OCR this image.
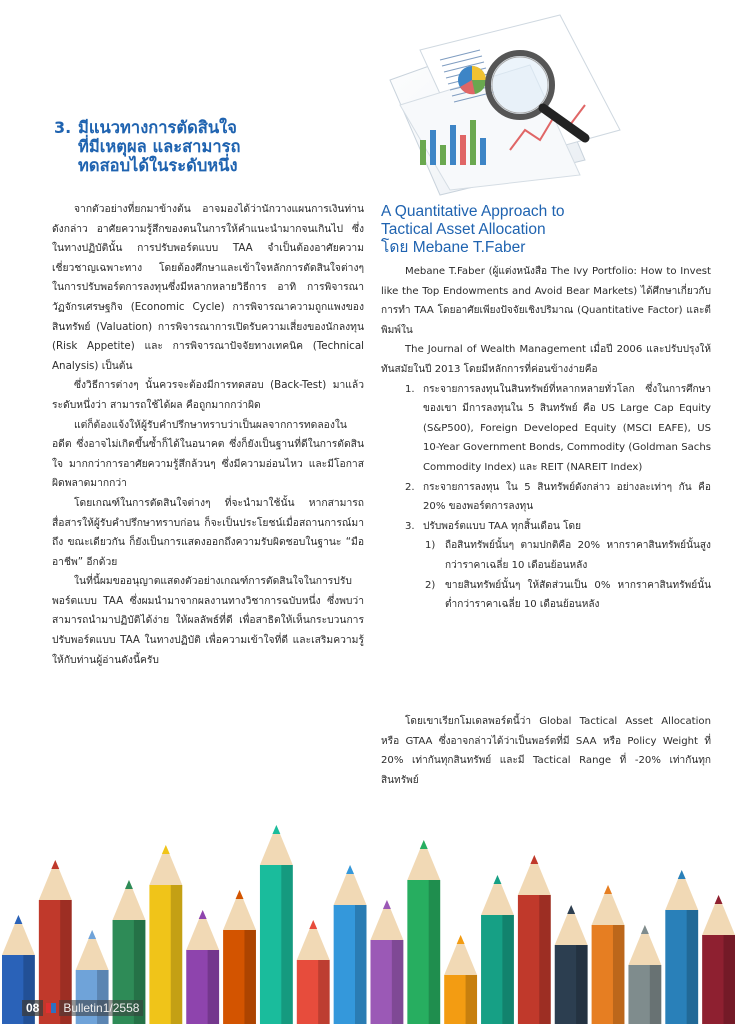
3. มีแนวทางการตัดสินใจ
ที่มีเหตุผล และสามารถ
ทดสอบได้ในระดับหนึ่ง

จากตัวอย่างที่ยกมาข้างต้น อาจมองได้ว่านักวางแผนการเงินท่านดังกล่าว อาศัยความรู้สึกของตนในการให้คำแนะนำมากจนเกินไป ซึ่งในทางปฏิบัตินั้น การปรับพอร์ตแบบ TAA จำเป็นต้องอาศัยความเชี่ยวชาญเฉพาะทาง โดยต้องศึกษาและเข้าใจหลักการตัดสินใจต่างๆ ในการปรับพอร์ตการลงทุนซึ่งมีหลากหลายวิธีการ อาทิ การพิจารณาวัฏจักรเศรษฐกิจ (Economic Cycle) การพิจารณาความถูกแพงของสินทรัพย์ (Valuation) การพิจารณาการเปิดรับความเสี่ยงของนักลงทุน (Risk Appetite) และ การพิจารณาปัจจัยทางเทคนิค (Technical Analysis) เป็นต้น

ซึ่งวิธีการต่างๆ นั้นควรจะต้องมีการทดสอบ (Back-Test) มาแล้วระดับหนึ่งว่า สามารถใช้ได้ผล คือถูกมากกว่าผิด

แต่ก็ต้องแจ้งให้ผู้รับคำปรึกษาทราบว่าเป็นผลจากการทดลองในอดีต ซึ่งอาจไม่เกิดขึ้นซ้ำก็ได้ในอนาคต ซึ่งก็ยังเป็นฐานที่ดีในการตัดสินใจ มากกว่าการอาศัยความรู้สึกล้วนๆ ซึ่งมีความอ่อนไหว และมีโอกาสผิดพลาดมากกว่า

โดยเกณฑ์ในการตัดสินใจต่างๆ ที่จะนำมาใช้นั้น หากสามารถสื่อสารให้ผู้รับคำปรึกษาทราบก่อน ก็จะเป็นประโยชน์เมื่อสถานการณ์มาถึง ขณะเดียวกัน ก็ยังเป็นการแสดงออกถึงความรับผิดชอบในฐานะ “มืออาชีพ” อีกด้วย

ในที่นี้ผมขออนุญาตแสดงตัวอย่างเกณฑ์การตัดสินใจในการปรับพอร์ตแบบ TAA ซึ่งผมนำมาจากผลงานทางวิชาการฉบับหนึ่ง ซึ่งพบว่าสามารถนำมาปฏิบัติได้ง่าย ให้ผลลัพธ์ที่ดี เพื่อสาธิตให้เห็นกระบวนการปรับพอร์ตแบบ TAA ในทางปฏิบัติ เพื่อความเข้าใจที่ดี และเสริมความรู้ให้กับท่านผู้อ่านดังนี้ครับ

A Quantitative Approach to
Tactical Asset Allocation
โดย Mebane T.Faber

Mebane T.Faber (ผู้แต่งหนังสือ The Ivy Portfolio: How to Invest like the Top Endowments and Avoid Bear Markets) ได้ศึกษาเกี่ยวกับการทำ TAA โดยอาศัยเพียงปัจจัยเชิงปริมาณ (Quantitative Factor) และตีพิมพ์ใน

The Journal of Wealth Management เมื่อปี 2006 และปรับปรุงให้ทันสมัยในปี 2013 โดยมีหลักการที่ค่อนข้างง่ายคือ

1. กระจายการลงทุนในสินทรัพย์ที่หลากหลายทั่วโลก ซึ่งในการศึกษาของเขา มีการลงทุนใน 5 สินทรัพย์ คือ US Large Cap Equity (S&P500), Foreign Developed Equity (MSCI EAFE), US 10-Year Government Bonds, Commodity (Goldman Sachs Commodity Index) และ REIT (NAREIT Index)
2. กระจายการลงทุน ใน 5 สินทรัพย์ดังกล่าว อย่างละเท่าๆ กัน คือ 20% ของพอร์ตการลงทุน
3. ปรับพอร์ตแบบ TAA ทุกสิ้นเดือน โดย
1) ถือสินทรัพย์นั้นๆ ตามปกติคือ 20% หากราคาสินทรัพย์นั้นสูงกว่าราคาเฉลี่ย 10 เดือนย้อนหลัง
2) ขายสินทรัพย์นั้นๆ ให้สัดส่วนเป็น 0% หากราคาสินทรัพย์นั้นต่ำกว่าราคาเฉลี่ย 10 เดือนย้อนหลัง

โดยเขาเรียกโมเดลพอร์ตนี้ว่า Global Tactical Asset Allocation หรือ GTAA ซึ่งอาจกล่าวได้ว่าเป็นพอร์ตที่มี SAA หรือ Policy Weight ที่ 20% เท่ากันทุกสินทรัพย์ และมี Tactical Range ที่ -20% เท่ากันทุกสินทรัพย์

08	Bulletin1/2558
